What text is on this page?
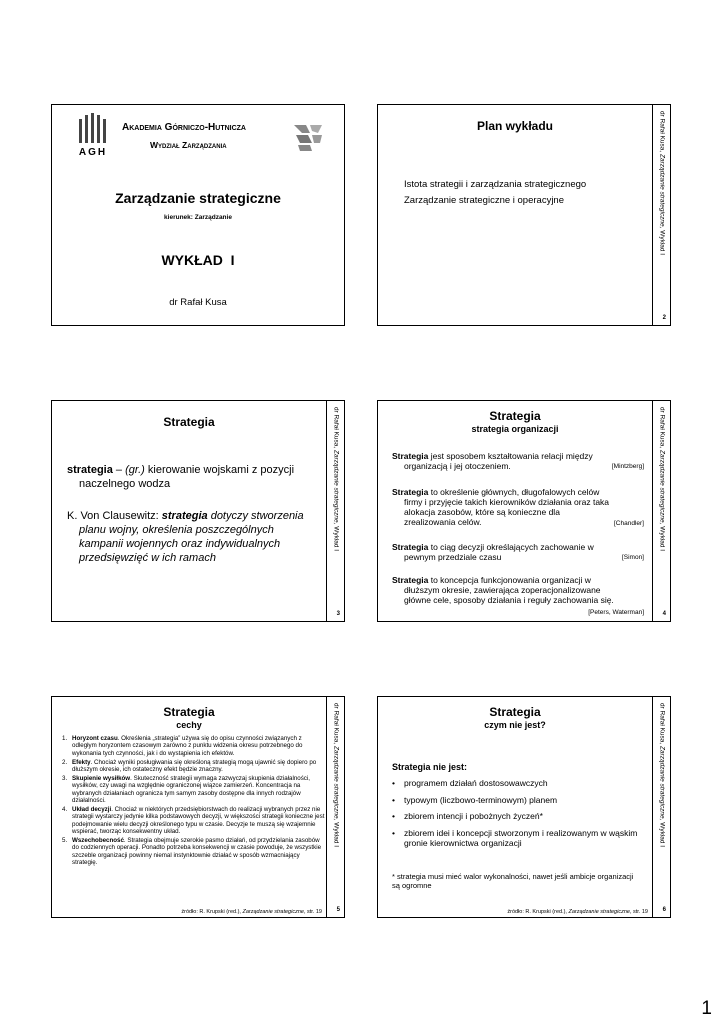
AGH
Akademia Górniczo-Hutnicza
Wydział Zarządzania
Zarządzanie strategiczne
kierunek: Zarządzanie
WYKŁAD  I
dr Rafał Kusa
Plan wykładu
Istota strategii i zarządzania strategicznego
Zarządzanie strategiczne i operacyjne
dr Rafał Kusa, Zarządzanie strategiczne, Wykład I
2
Strategia
strategia – (gr.) kierowanie wojskami z pozycji
naczelnego wodza
K. Von Clausewitz: strategia dotyczy stworzenia
planu wojny, określenia poszczególnych
kampanii wojennych oraz indywidualnych
przedsięwzięć w ich ramach
dr Rafał Kusa, Zarządzanie strategiczne, Wykład I
3
Strategia
strategia organizacji
Strategia jest sposobem kształtowania relacji między
organizacją i jej otoczeniem.	[Mintzberg]
Strategia to określenie głównych, długofalowych celów
firmy i przyjęcie takich kierowników działania oraz taka
alokacja zasobów, które są konieczne dla
zrealizowania celów.	[Chandler]
Strategia to ciąg decyzji określających zachowanie w
pewnym przedziale czasu	[Simon]
Strategia to koncepcja funkcjonowania organizacji w
dłuższym okresie, zawierająca zoperacjonalizowane
główne cele, sposoby działania i reguły zachowania się.
[Peters, Waterman]
dr Rafał Kusa, Zarządzanie strategiczne, Wykład I
4
Strategia
cechy
1. Horyzont czasu. Określenia „strategia” używa się do opisu czynności związanych z odległym horyzontem czasowym zarówno z punktu widzenia okresu potrzebnego do wykonania tych czynności, jak i do wystąpienia ich efektów.
2. Efekty. Chociaż wyniki posługiwania się określoną strategią mogą ujawnić się dopiero po dłuższym okresie, ich ostateczny efekt będzie znaczny.
3. Skupienie wysiłków. Skuteczność strategii wymaga zazwyczaj skupienia działalności, wysiłków, czy uwagi na względnie ograniczonej wiązce zamierzeń. Koncentracja na wybranych działaniach ogranicza tym samym zasoby dostępne dla innych rodzajów działalności.
4. Układ decyzji. Chociaż w niektórych przedsiębiorstwach do realizacji wybranych przez nie strategii wystarczy jedynie kilka podstawowych decyzji, w większości strategii konieczne jest podejmowanie wielu decyzji określonego typu w czasie. Decyzje te muszą się wzajemnie wspierać, tworząc konsekwentny układ.
5. Wszechobecność. Strategia obejmuje szerokie pasmo działań, od przydzielania zasobów do codziennych operacji. Ponadto potrzeba konsekwencji w czasie powoduje, że wszystkie szczeble organizacji powinny niemal instynktownie działać w sposób wzmacniający strategię.
źródło: R. Krupski (red.), Zarządzanie strategiczne, str. 19
dr Rafał Kusa, Zarządzanie strategiczne, Wykład I
5
Strategia
czym nie jest?
Strategia nie jest:
• programem działań dostosowawczych
• typowym (liczbowo-terminowym) planem
• zbiorem intencji i pobożnych życzeń*
• zbiorem idei i koncepcji stworzonym i realizowanym w wąskim gronie kierownictwa organizacji
* strategia musi mieć walor wykonalności, nawet jeśli ambicje organizacji są ogromne
źródło: R. Krupski (red.), Zarządzanie strategiczne, str. 19
dr Rafał Kusa, Zarządzanie strategiczne, Wykład I
6
1
